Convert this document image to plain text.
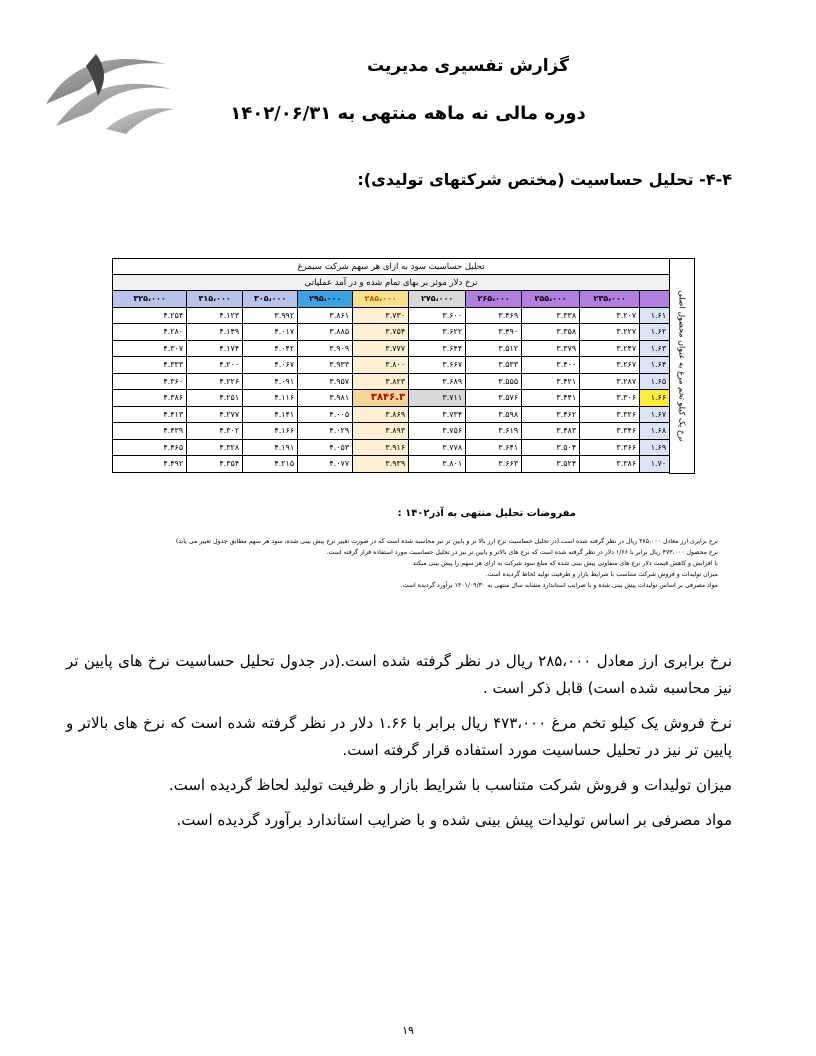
گزارش تفسیری مدیریت
دوره مالی نه ماهه منتهی به ۱۴۰۲/۰۶/۳۱
۴-۴- تحلیل حساسیت (مختص شرکتهای تولیدی):
نرخ یک کیلو تخم مرغ به عنوان محصول اصلی
تحلیل حساسیت سود به ازای هر سهم شرکت سیمرغ									
نرخ دلار موثر بر بهای تمام شده و در آمد عملیاتی									
	۲۳۵،۰۰۰	۲۵۵،۰۰۰	۲۶۵،۰۰۰	۲۷۵،۰۰۰	۲۸۵،۰۰۰	۲۹۵،۰۰۰	۳۰۵،۰۰۰	۳۱۵،۰۰۰	۳۲۵،۰۰۰
۱.۶۱	۳.۲۰۷	۳.۳۳۸	۳.۴۶۹	۳.۶۰۰	۳.۷۳۰	۳.۸۶۱	۳.۹۹۲	۴.۱۲۳	۴.۲۵۴
۱.۶۲	۳.۲۲۷	۳.۳۵۸	۳.۴۹۰	۳.۶۲۲	۳.۷۵۴	۳.۸۸۵	۴.۰۱۷	۴.۱۴۹	۴.۲۸۰
۱.۶۳	۳.۲۴۷	۳.۳۷۹	۳.۵۱۲	۳.۶۴۴	۳.۷۷۷	۳.۹۰۹	۴.۰۴۲	۴.۱۷۴	۴.۳۰۷
۱.۶۴	۳.۲۶۷	۳.۴۰۰	۳.۵۳۳	۳.۶۶۷	۳.۸۰۰	۳.۹۳۳	۴.۰۶۷	۴.۲۰۰	۴.۳۳۳
۱.۶۵	۳.۲۸۷	۳.۴۲۱	۳.۵۵۵	۳.۶۸۹	۳.۸۲۳	۳.۹۵۷	۴.۰۹۱	۴.۲۲۶	۴.۳۶۰
۱.۶۶	۳.۳۰۶	۳.۴۴۱	۳.۵۷۶	۳.۷۱۱	۳۸۴۶.۳	۳.۹۸۱	۴.۱۱۶	۴.۲۵۱	۴.۳۸۶
۱.۶۷	۳.۳۲۶	۳.۴۶۲	۳.۵۹۸	۳.۷۳۴	۳.۸۶۹	۴.۰۰۵	۴.۱۴۱	۴.۲۷۷	۴.۴۱۳
۱.۶۸	۳.۳۴۶	۳.۴۸۳	۳.۶۱۹	۳.۷۵۶	۳.۸۹۳	۴.۰۲۹	۴.۱۶۶	۴.۳۰۲	۴.۴۳۹
۱.۶۹	۳.۳۶۶	۳.۵۰۴	۳.۶۴۱	۳.۷۷۸	۳.۹۱۶	۴.۰۵۳	۴.۱۹۱	۴.۳۲۸	۴.۴۶۵
۱.۷۰	۳.۳۸۶	۳.۵۲۴	۳.۶۶۳	۳.۸۰۱	۳.۹۳۹	۴.۰۷۷	۴.۲۱۵	۴.۳۵۴	۴.۴۹۲
مفروضات تحلیل منتهی به آذر۱۴۰۲ :
نرخ برابری ارز معادل ۲۸۵،۰۰۰ ریال در نظر گرفته شده است.(در تحلیل حساسیت نرخ ارز بالا تر و پایین تر نیز محاسبه شده است که در صورت تغییر نرخ پیش بینی شده، سود هر سهم مطابق جدول تغییر می یابد)
نرخ محصول ۴۷۳،۰۰۰ ریال برابر با ۱/۶۶ دلار در نظر گرفته شده است که نرخ های بالاتر و پایین تر نیز در تحلیل حساسیت مورد استفاده قرار گرفته است.
با افزایش و کاهش قیمت دلار نرخ های متفاوتی پیش بینی شده که مبلغ سود شرکت به ازای هر سهم را پیش بینی میکند
میزان تولیدات و فروش شرکت متناسب با شرایط بازار و ظرفیت تولید لحاظ گردیده است.
مواد مصرفی بر اساس تولیدات پیش بینی شده و با ضرایب استاندارد مشابه سال منتهی به ۱۴۰۱/۰۹/۳۰ برآورد گردیده است.

نرخ برابری ارز معادل ۲۸۵،۰۰۰ ریال در نظر گرفته شده است.(در جدول تحلیل حساسیت نرخ های پایین تر نیز محاسبه شده است) قابل ذکر است .

نرخ فروش یک کیلو تخم مرغ ۴۷۳،۰۰۰ ریال برابر با ۱.۶۶ دلار در نظر گرفته شده است که نرخ های بالاتر و پایین تر نیز در تحلیل حساسیت مورد استفاده قرار گرفته است.

میزان تولیدات و فروش شرکت متناسب با شرایط بازار و ظرفیت تولید لحاظ گردیده است.

مواد مصرفی بر اساس تولیدات پیش بینی شده و با ضرایب استاندارد برآورد گردیده است.

۱۹
